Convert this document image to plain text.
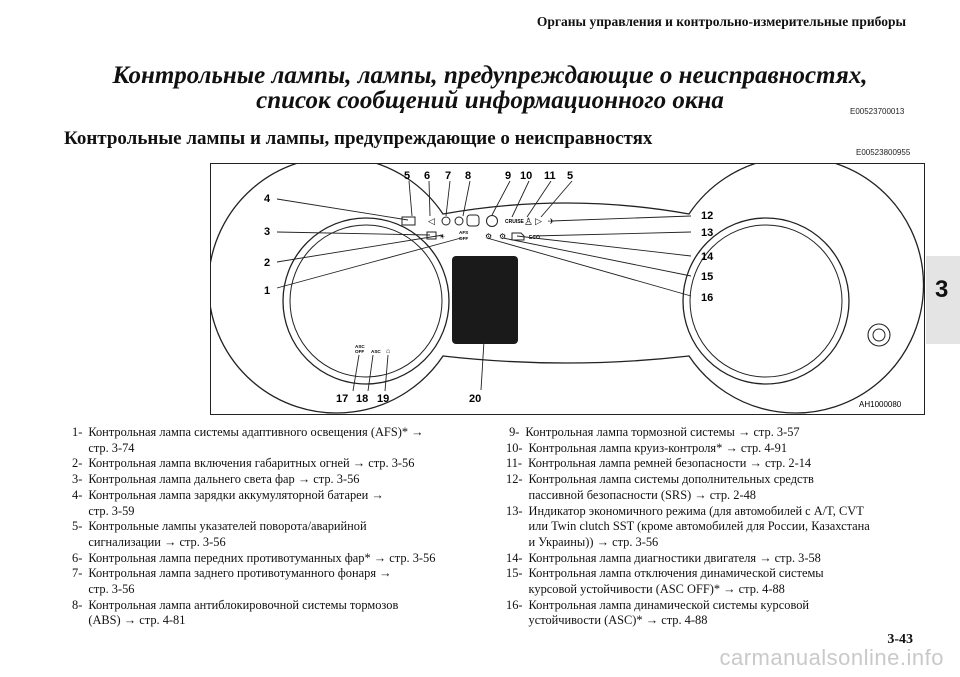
Органы управления и контрольно-измерительные приборы
Контрольные лампы, лампы, предупреждающие о неисправностях,
список сообщений информационного окна	E00523700013
Контрольные лампы и лампы, предупреждающие о неисправностях
E00523800955
3
◁	CRUISE ♙ ▷ ✈
☀
AFS
OFF ⚙ ⚙	ECO
ASC
OFF ASC ⌂
5 6 7 8	9 10 11 5
4
3
2
1
12
13
14
15
16
17 18 19	20	AH1000080
1- Контрольная лампа системы адаптивного освещения (AFS)* →
стр. 3-74
2- Контрольная лампа включения габаритных огней → стр. 3-56
3- Контрольная лампа дальнего света фар → стр. 3-56
4- Контрольная лампа зарядки аккумуляторной батареи →
стр. 3-59
5- Контрольные лампы указателей поворота/аварийной
сигнализации → стр. 3-56
6- Контрольная лампа передних противотуманных фар* → стр. 3-56
7- Контрольная лампа заднего противотуманного фонаря →
стр. 3-56
8- Контрольная лампа антиблокировочной системы тормозов
(ABS) → стр. 4-81
9- Контрольная лампа тормозной системы → стр. 3-57
10- Контрольная лампа круиз-контроля* → стр. 4-91
11- Контрольная лампа ремней безопасности → стр. 2-14
12- Контрольная лампа системы дополнительных средств
пассивной безопасности (SRS) → стр. 2-48
13- Индикатор экономичного режима (для автомобилей с A/T, CVT
или Twin clutch SST (кроме автомобилей для России, Казахстана
и Украины)) → стр. 3-56
14- Контрольная лампа диагностики двигателя → стр. 3-58
15- Контрольная лампа отключения динамической системы
курсовой устойчивости (ASC OFF)* → стр. 4-88
16- Контрольная лампа динамической системы курсовой
устойчивости (ASC)* → стр. 4-88
3-43
carmanualsonline.info
